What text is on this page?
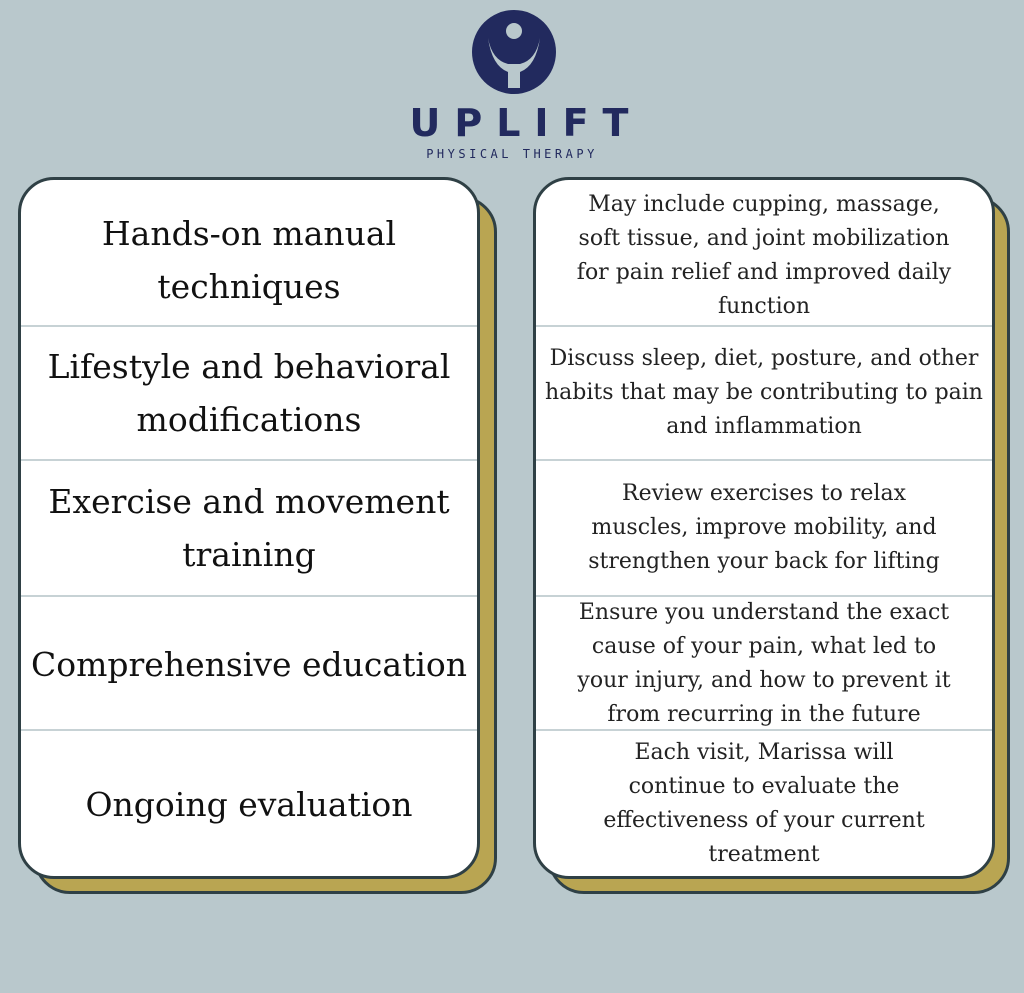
UPLIFT
PHYSICAL THERAPY
Hands-on manual techniques
Lifestyle and behavioral modifications
Exercise and movement training
Comprehensive education
Ongoing evaluation
May include cupping, massage, soft tissue, and joint mobilization for pain relief and improved daily function
Discuss sleep, diet, posture, and other habits that may be contributing to pain and inflammation
Review exercises to relax muscles, improve mobility, and strengthen your back for lifting
Ensure you understand the exact cause of your pain, what led to your injury, and how to prevent it from recurring in the future
Each visit, Marissa will continue to evaluate the effectiveness of your current treatment
